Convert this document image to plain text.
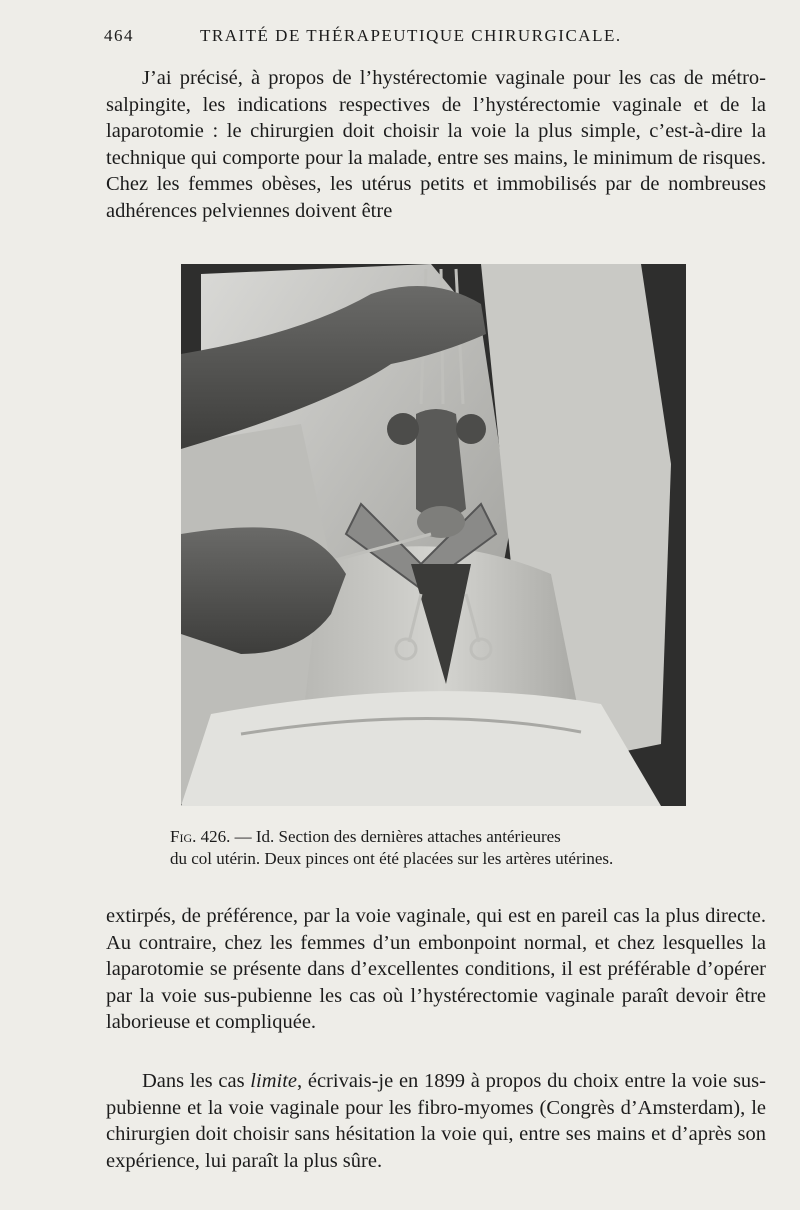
464	TRAITÉ DE THÉRAPEUTIQUE CHIRURGICALE.

J’ai précisé, à propos de l’hystérectomie vaginale pour les cas de métro-salpingite, les indications respectives de l’hystérectomie vaginale et de la laparotomie : le chirurgien doit choisir la voie la plus simple, c’est-à-dire la technique qui comporte pour la malade, entre ses mains, le minimum de risques. Chez les femmes obèses, les utérus petits et immobilisés par de nombreuses adhérences pelviennes doivent être

Fig. 426. — Id. Section des dernières attaches antérieures
du col utérin. Deux pinces ont été placées sur les artères utérines.

extirpés, de préférence, par la voie vaginale, qui est en pareil cas la plus directe. Au contraire, chez les femmes d’un embonpoint normal, et chez lesquelles la laparotomie se présente dans d’excellentes conditions, il est préférable d’opérer par la voie sus-pubienne les cas où l’hystérectomie vaginale paraît devoir être laborieuse et compliquée.

Dans les cas limite, écrivais-je en 1899 à propos du choix entre la voie sus-pubienne et la voie vaginale pour les fibro-myomes (Congrès d’Amsterdam), le chirurgien doit choisir sans hésitation la voie qui, entre ses mains et d’après son expérience, lui paraît la plus sûre.
